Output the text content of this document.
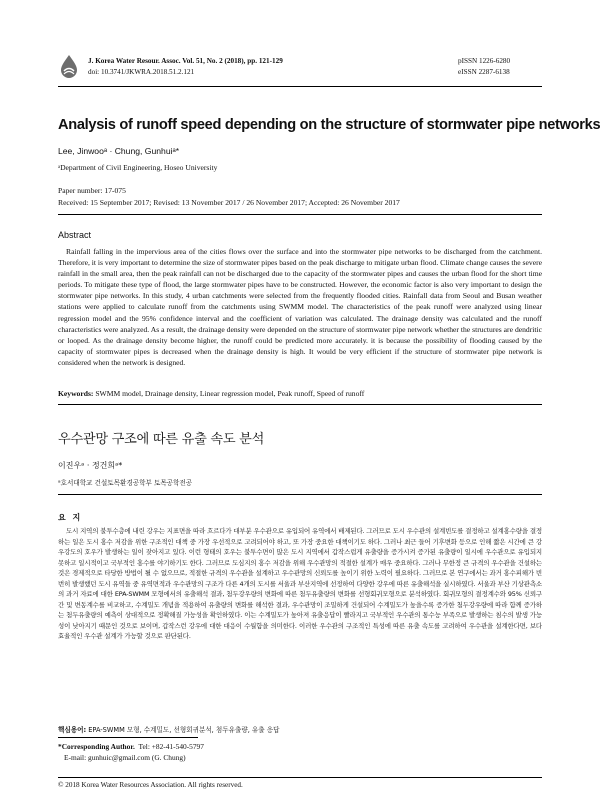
J. Korea Water Resour. Assoc. Vol. 51, No. 2 (2018), pp. 121-129
doi: 10.3741/JKWRA.2018.51.2.121
pISSN 1226-6280
eISSN 2287-6138
Analysis of runoff speed depending on the structure of stormwater pipe networks
Lee, Jinwooᵃ · Chung, Gunhuiᵃ*
ᵃDepartment of Civil Engineering, Hoseo University
Paper number: 17-075
Received: 15 September 2017; Revised: 13 November 2017 / 26 November 2017; Accepted: 26 November 2017
Abstract
Rainfall falling in the impervious area of the cities flows over the surface and into the stormwater pipe networks to be discharged from the catchment. Therefore, it is very important to determine the size of stormwater pipes based on the peak discharge to mitigate urban flood. Climate change causes the severe rainfall in the small area, then the peak rainfall can not be discharged due to the capacity of the stormwater pipes and causes the urban flood for the short time periods. To mitigate these type of flood, the large stormwater pipes have to be constructed. However, the economic factor is also very important to design the stormwater pipe networks. In this study, 4 urban catchments were selected from the frequently flooded cities. Rainfall data from Seoul and Busan weather stations were applied to calculate runoff from the catchments using SWMM model. The characteristics of the peak runoff were analyzed using linear regression model and the 95% confidence interval and the coefficient of variation was calculated. The drainage density was calculated and the runoff characteristics were analyzed. As a result, the drainage density were depended on the structure of stormwater pipe network whether the structures are dendritic or looped. As the drainage density become higher, the runoff could be predicted more accurately. it is because the possibility of flooding caused by the capacity of stormwater pipes is decreased when the drainage density is high. It would be very efficient if the structure of stormwater pipe network is considered when the network is designed.
Keywords: SWMM model, Drainage density, Linear regression model, Peak runoff, Speed of runoff
우수관망 구조에 따른 유출 속도 분석
이진우ᵃ · 정건희ᵃ*
ᵃ호서대학교 건설토목환경공학부 토목공학전공
요 지
도시 지역의 불투수층에 내린 강우는 지표면을 따라 흐르다가 대부분 우수관으로 유입되어 유역에서 배제된다. 그러므로 도시 우수관의 설계빈도를 결정하고 설계홍수량을 결정하는 일은 도시 홍수 저감을 위한 구조적인 대책 중 가장 우선적으로 고려되어야 하고, 또 가장 중요한 대책이기도 하다. 그러나 최근 들어 기후변화 등으로 인해 짧은 시간에 큰 강우강도의 호우가 발생하는 일이 잦아지고 있다. 이런 형태의 호우는 불투수면이 많은 도시 지역에서 갑작스럽게 유출량을 증가시켜 증가된 유출량이 일시에 우수관으로 유입되지 못하고 일시적이고 국부적인 홍수를 야기하기도 한다. 그러므로 도심지의 홍수 저감을 위해 우수관망의 적절한 설계가 매우 중요하다. 그러나 무한정 큰 규격의 우수관을 건설하는 것은 경제적으로 타당한 방법이 될 수 없으므로, 적절한 규격의 우수관을 설계하고 우수관망의 신뢰도를 높이기 위한 노력이 필요하다. 그러므로 본 연구에서는 과거 홍수피해가 빈번히 발생했던 도시 유역들 중 유역면적과 우수관망의 구조가 다른 4개의 도시를 서울과 부산지역에 선정하여 다양한 강우에 따른 유출해석을 실시하였다. 서울과 부산 기상관측소의 과거 자료에 대한 EPA-SWMM 모형에서의 유출해석 결과, 첨두강우량의 변화에 따른 첨두유출량의 변화를 선형회귀모형으로 분석하였다. 회귀모형의 결정계수와 95% 신뢰구간 및 변동계수를 비교하고, 수계밀도 개념을 적용하여 유출량의 변화를 해석한 결과, 우수관망이 조밀하게 건설되어 수계밀도가 높을수록 증가한 첨두강우량에 따라 함께 증가하는 첨두유출량의 예측이 상대적으로 정확해질 가능성을 확인하였다. 이는 수계밀도가 높아져 유출응답이 빨라지고 국부적인 우수관의 통수능 부족으로 발생하는 침수의 발생 가능성이 낮아지기 때문인 것으로 보이며, 갑작스런 강우에 대한 대응이 수월함을 의미한다. 이러한 우수관의 구조적인 특성에 따른 유출 속도를 고려하여 우수관을 설계한다면, 보다 효율적인 우수관 설계가 가능할 것으로 판단된다.
핵심용어: EPA-SWMM 모형, 수계밀도, 선형회귀분석, 첨두유출량, 유출 응답
*Corresponding Author. Tel: +82-41-540-5797
E-mail: gunhuic@gmail.com (G. Chung)
© 2018 Korea Water Resources Association. All rights reserved.
